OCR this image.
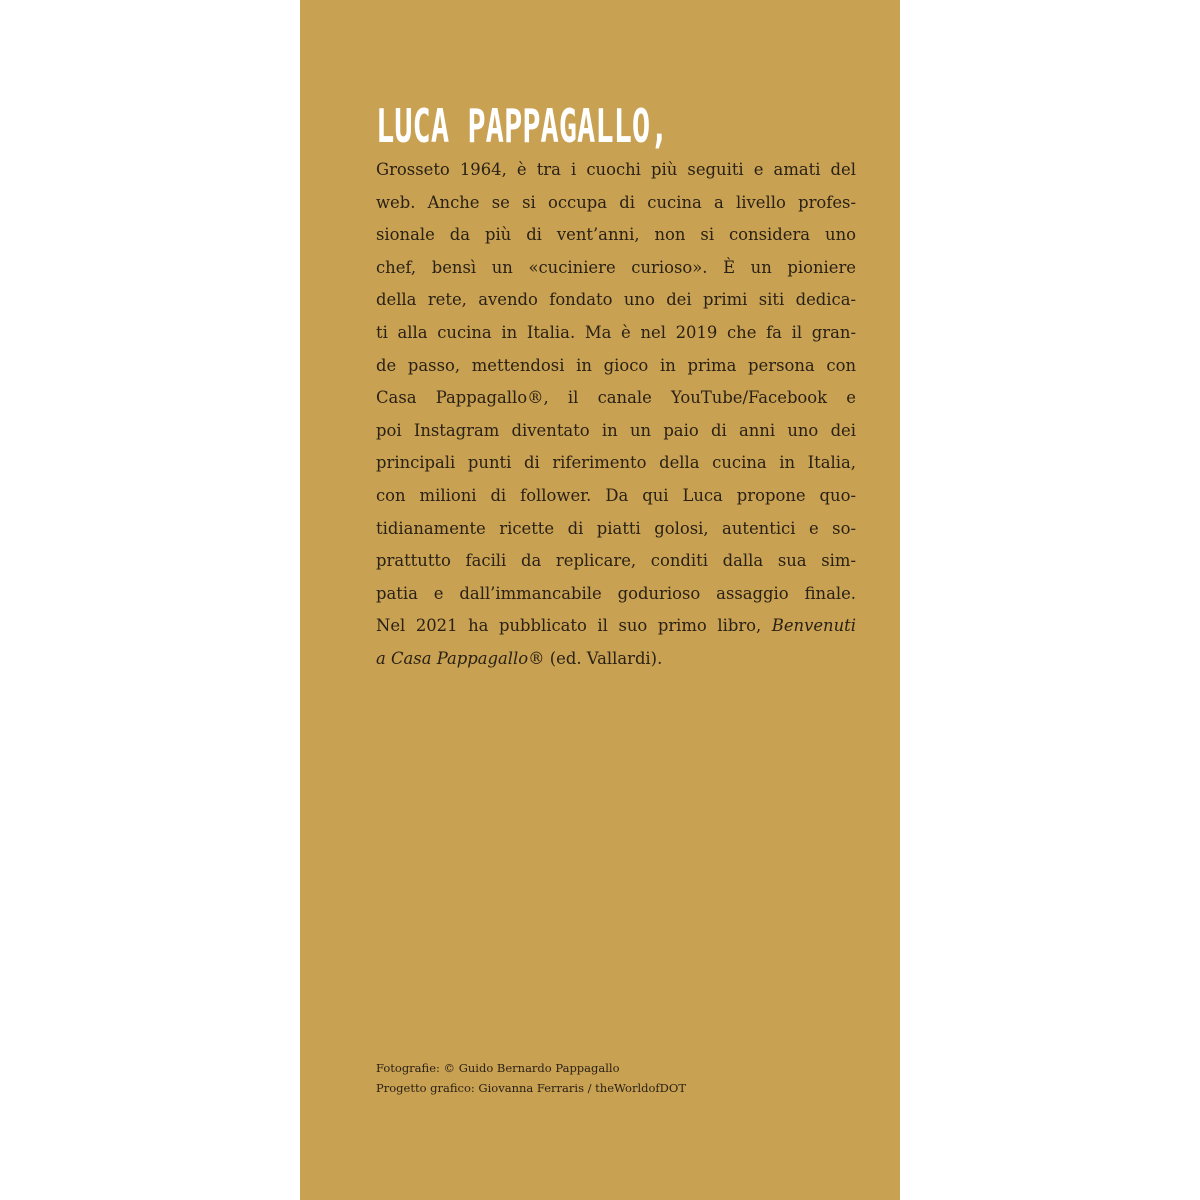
LUCA PAPPAGALLO,
Grosseto 1964, è tra i cuochi più seguiti e amati del
web. Anche se si occupa di cucina a livello profes-
sionale da più di vent’anni, non si considera uno
chef, bensì un «cuciniere curioso». È un pioniere
della rete, avendo fondato uno dei primi siti dedica-
ti alla cucina in Italia. Ma è nel 2019 che fa il gran-
de passo, mettendosi in gioco in prima persona con
Casa Pappagallo®, il canale YouTube/Facebook e
poi Instagram diventato in un paio di anni uno dei
principali punti di riferimento della cucina in Italia,
con milioni di follower. Da qui Luca propone quo-
tidianamente ricette di piatti golosi, autentici e so-
prattutto facili da replicare, conditi dalla sua sim-
patia e dall’immancabile godurioso assaggio finale.
Nel 2021 ha pubblicato il suo primo libro, Benvenuti
a Casa Pappagallo® (ed. Vallardi).
Fotografie: © Guido Bernardo Pappagallo
Progetto grafico: Giovanna Ferraris / theWorldofDOT
